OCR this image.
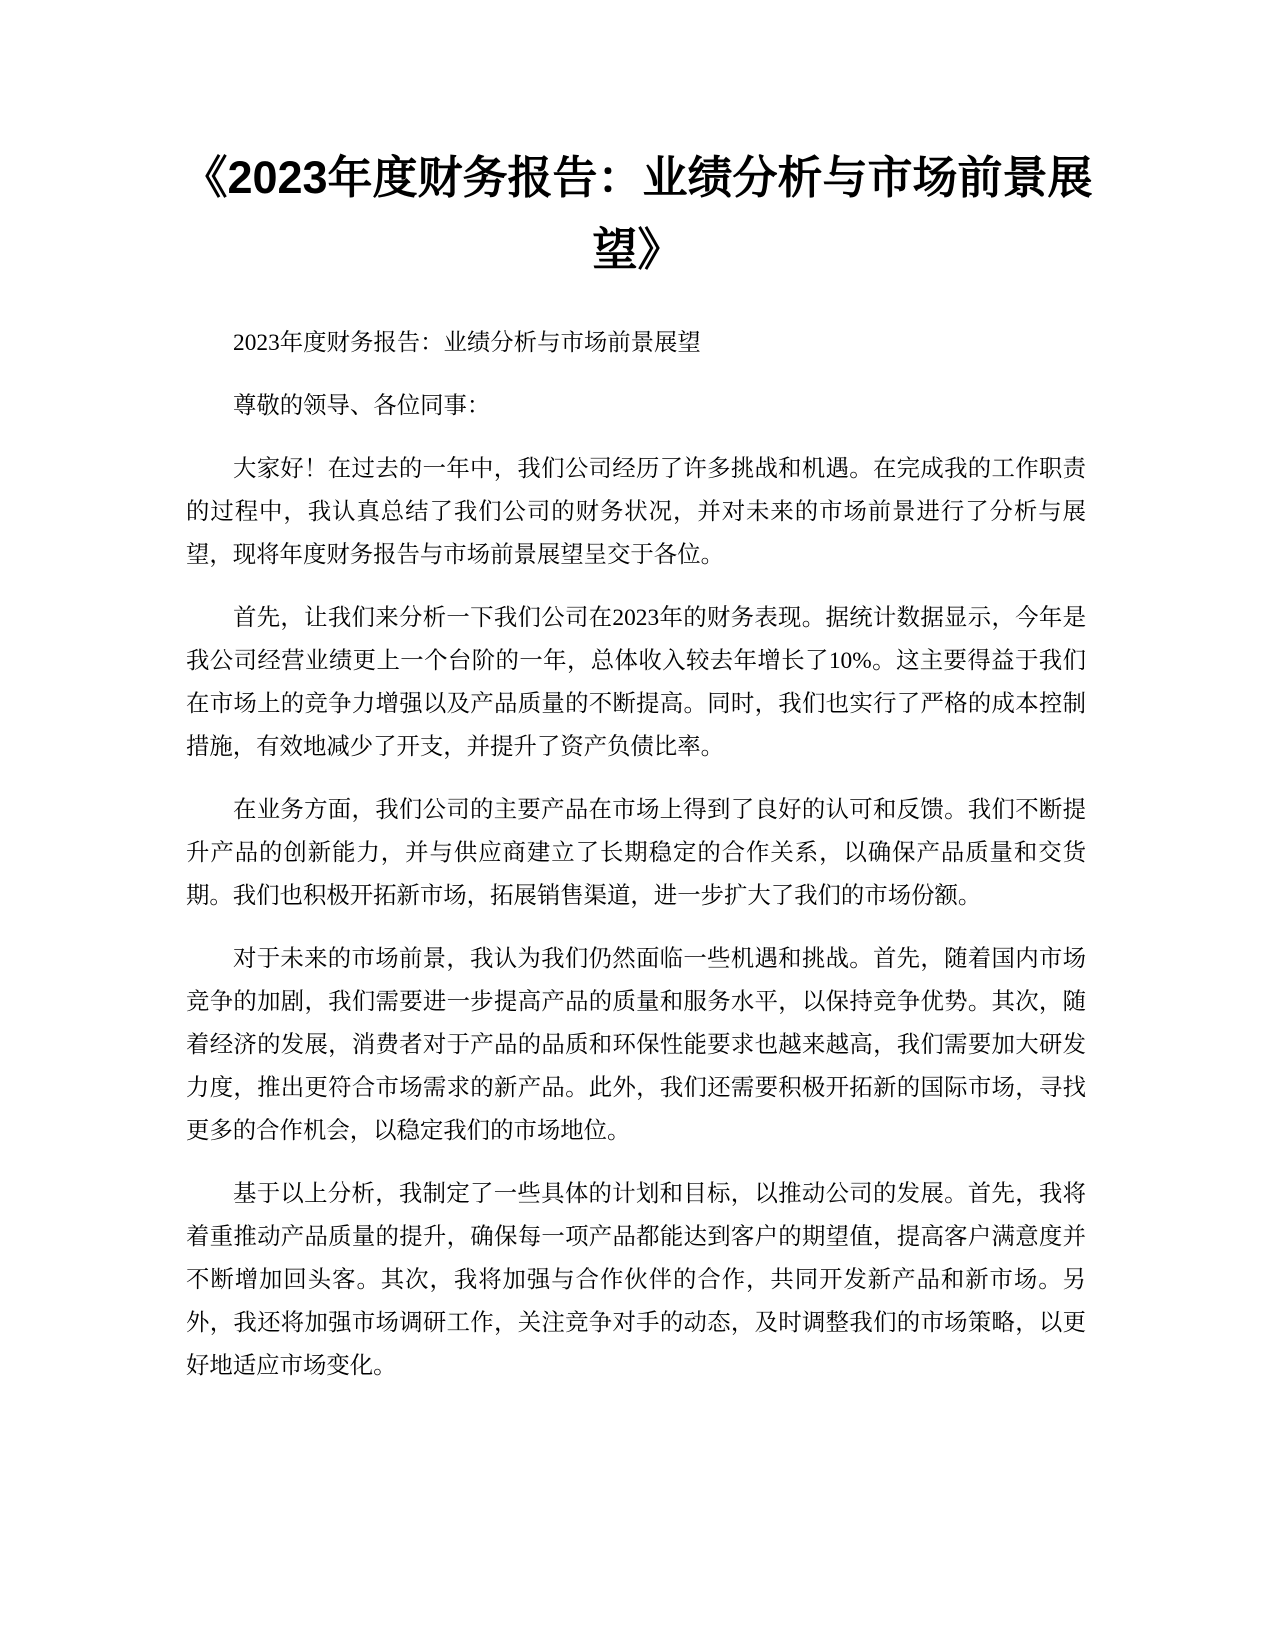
《2023年度财务报告：业绩分析与市场前景展望》

2023年度财务报告：业绩分析与市场前景展望

尊敬的领导、各位同事：

大家好！在过去的一年中，我们公司经历了许多挑战和机遇。在完成我的工作职责的过程中，我认真总结了我们公司的财务状况，并对未来的市场前景进行了分析与展望，现将年度财务报告与市场前景展望呈交于各位。

首先，让我们来分析一下我们公司在2023年的财务表现。据统计数据显示，今年是我公司经营业绩更上一个台阶的一年，总体收入较去年增长了10%。这主要得益于我们在市场上的竞争力增强以及产品质量的不断提高。同时，我们也实行了严格的成本控制措施，有效地减少了开支，并提升了资产负债比率。

在业务方面，我们公司的主要产品在市场上得到了良好的认可和反馈。我们不断提升产品的创新能力，并与供应商建立了长期稳定的合作关系，以确保产品质量和交货期。我们也积极开拓新市场，拓展销售渠道，进一步扩大了我们的市场份额。

对于未来的市场前景，我认为我们仍然面临一些机遇和挑战。首先，随着国内市场竞争的加剧，我们需要进一步提高产品的质量和服务水平，以保持竞争优势。其次，随着经济的发展，消费者对于产品的品质和环保性能要求也越来越高，我们需要加大研发力度，推出更符合市场需求的新产品。此外，我们还需要积极开拓新的国际市场，寻找更多的合作机会，以稳定我们的市场地位。

基于以上分析，我制定了一些具体的计划和目标，以推动公司的发展。首先，我将着重推动产品质量的提升，确保每一项产品都能达到客户的期望值，提高客户满意度并不断增加回头客。其次，我将加强与合作伙伴的合作，共同开发新产品和新市场。另外，我还将加强市场调研工作，关注竞争对手的动态，及时调整我们的市场策略，以更好地适应市场变化。
